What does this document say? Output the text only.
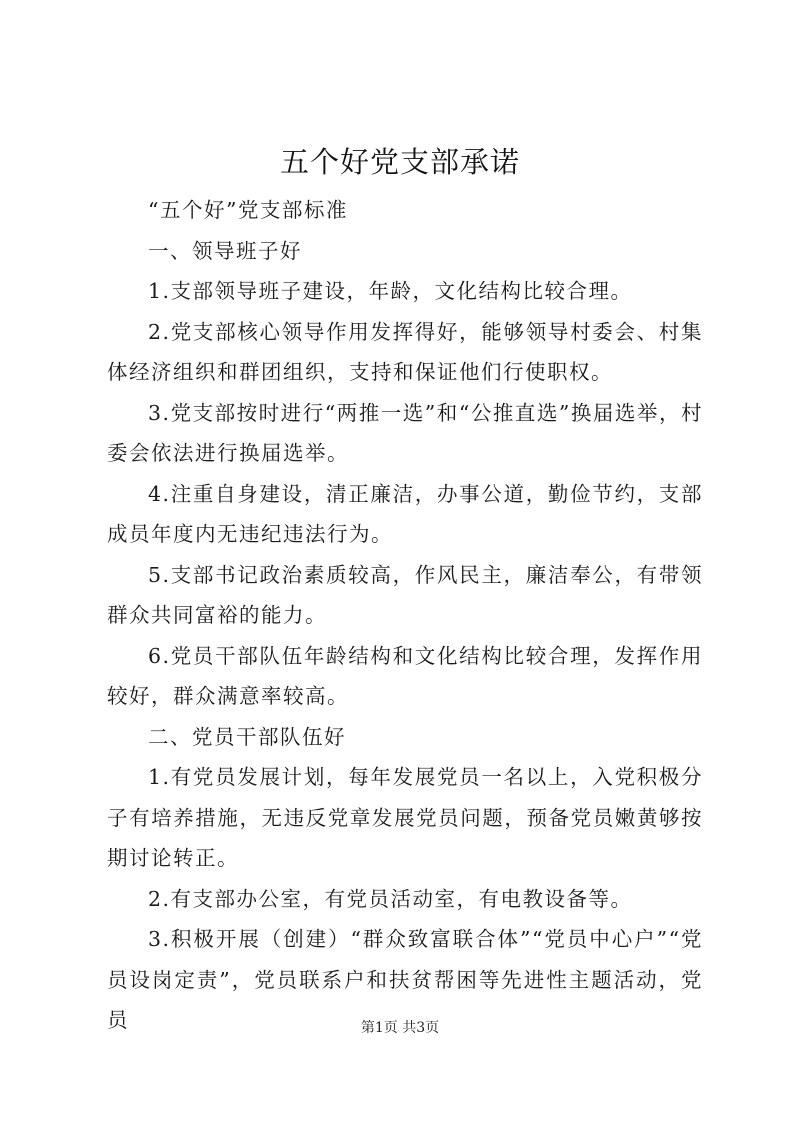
五个好党支部承诺

“五个好”党支部标准

一、领导班子好

1.支部领导班子建设，年龄，文化结构比较合理。

2.党支部核心领导作用发挥得好，能够领导村委会、村集体经济组织和群团组织，支持和保证他们行使职权。

3.党支部按时进行“两推一选”和“公推直选”换届选举，村委会依法进行换届选举。

4.注重自身建设，清正廉洁，办事公道，勤俭节约，支部成员年度内无违纪违法行为。

5.支部书记政治素质较高，作风民主，廉洁奉公，有带领群众共同富裕的能力。

6.党员干部队伍年龄结构和文化结构比较合理，发挥作用较好，群众满意率较高。

二、党员干部队伍好

1.有党员发展计划，每年发展党员一名以上，入党积极分子有培养措施，无违反党章发展党员问题，预备党员嫩黄够按期讨论转正。

2.有支部办公室，有党员活动室，有电教设备等。

3.积极开展（创建）“群众致富联合体”“党员中心户”“党员设岗定责”，党员联系户和扶贫帮困等先进性主题活动，党员	第1页 共3页
